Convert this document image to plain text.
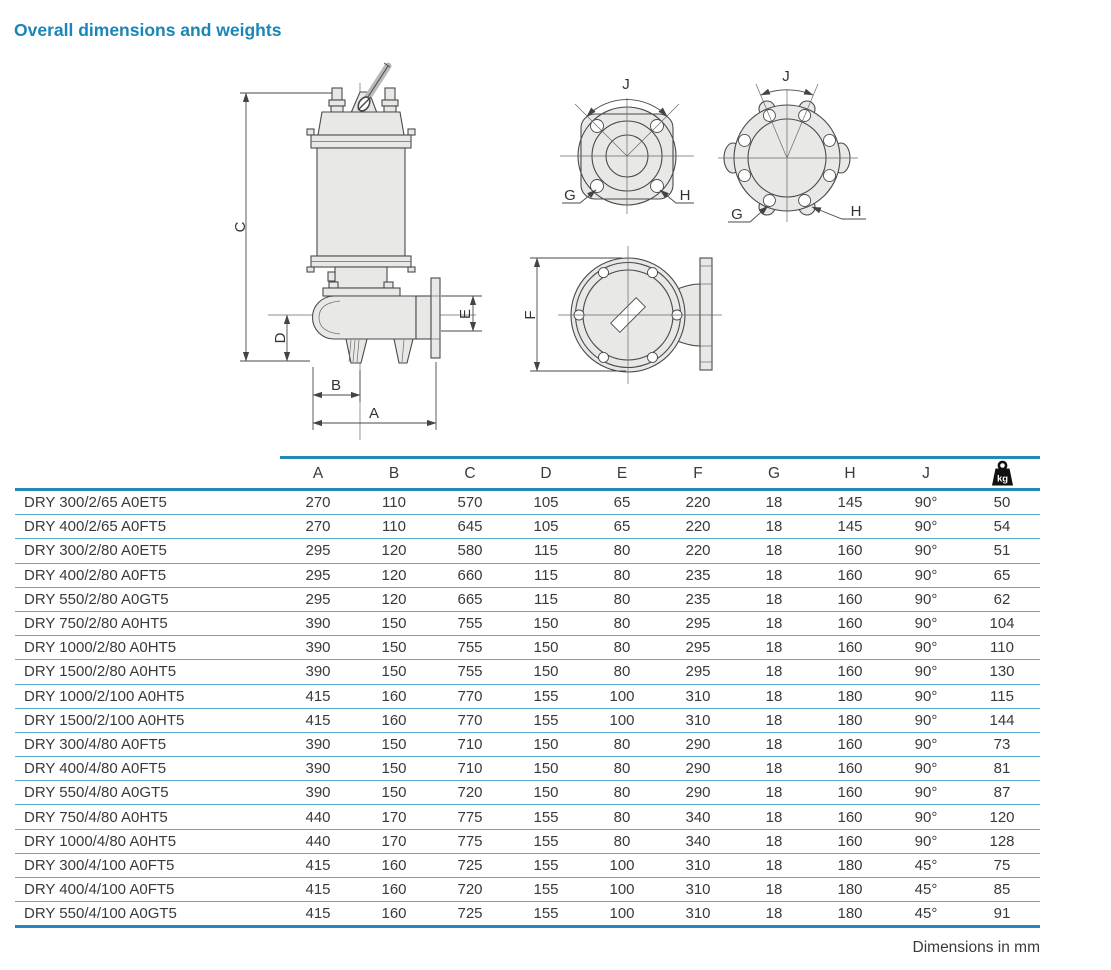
Overall dimensions and weights
C
D
B
A
E
J
G	H
J
G	H
F
	A	B	C	D	E	F	G	H	J	kg

DRY 300/2/65 A0ET5	270	110	570	105	65	220	18	145	90°	50
DRY 400/2/65 A0FT5	270	110	645	105	65	220	18	145	90°	54
DRY 300/2/80 A0ET5	295	120	580	115	80	220	18	160	90°	51
DRY 400/2/80 A0FT5	295	120	660	115	80	235	18	160	90°	65
DRY 550/2/80 A0GT5	295	120	665	115	80	235	18	160	90°	62
DRY 750/2/80 A0HT5	390	150	755	150	80	295	18	160	90°	104
DRY 1000/2/80 A0HT5	390	150	755	150	80	295	18	160	90°	110
DRY 1500/2/80 A0HT5	390	150	755	150	80	295	18	160	90°	130
DRY 1000/2/100 A0HT5	415	160	770	155	100	310	18	180	90°	115
DRY 1500/2/100 A0HT5	415	160	770	155	100	310	18	180	90°	144
DRY 300/4/80 A0FT5	390	150	710	150	80	290	18	160	90°	73
DRY 400/4/80 A0FT5	390	150	710	150	80	290	18	160	90°	81
DRY 550/4/80 A0GT5	390	150	720	150	80	290	18	160	90°	87
DRY 750/4/80 A0HT5	440	170	775	155	80	340	18	160	90°	120
DRY 1000/4/80 A0HT5	440	170	775	155	80	340	18	160	90°	128
DRY 300/4/100 A0FT5	415	160	725	155	100	310	18	180	45°	75
DRY 400/4/100 A0FT5	415	160	720	155	100	310	18	180	45°	85
DRY 550/4/100 A0GT5	415	160	725	155	100	310	18	180	45°	91
Dimensions in mm
